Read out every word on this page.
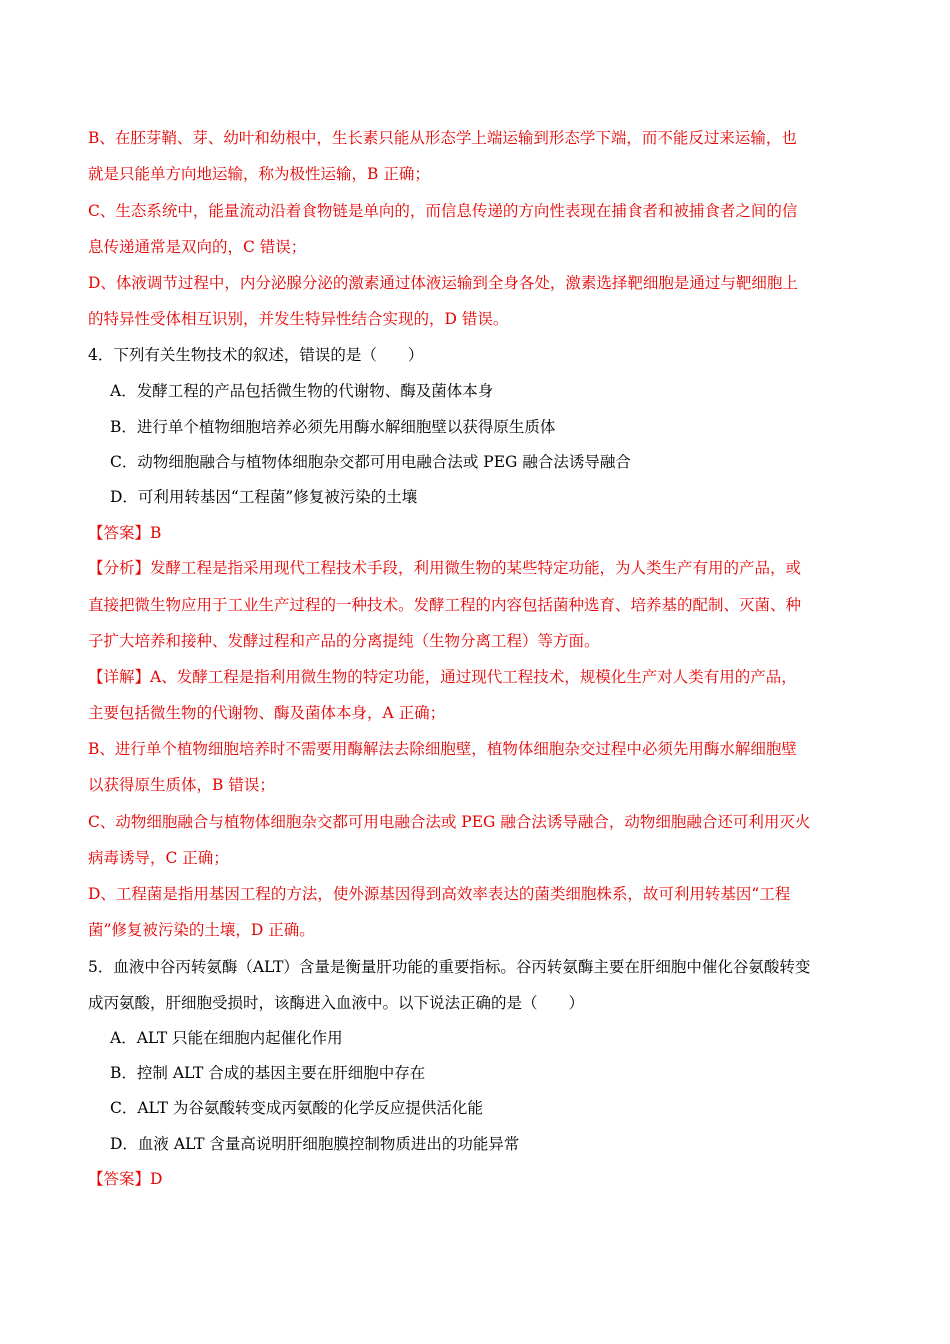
B、在胚芽鞘、芽、幼叶和幼根中，生长素只能从形态学上端运输到形态学下端，而不能反过来运输，也
就是只能单方向地运输，称为极性运输，B 正确；
C、生态系统中，能量流动沿着食物链是单向的，而信息传递的方向性表现在捕食者和被捕食者之间的信
息传递通常是双向的，C 错误；
D、体液调节过程中，内分泌腺分泌的激素通过体液运输到全身各处，激素选择靶细胞是通过与靶细胞上
的特异性受体相互识别，并发生特异性结合实现的，D 错误。
4．下列有关生物技术的叙述，错误的是（　　）
A．发酵工程的产品包括微生物的代谢物、酶及菌体本身
B．进行单个植物细胞培养必须先用酶水解细胞壁以获得原生质体
C．动物细胞融合与植物体细胞杂交都可用电融合法或 PEG 融合法诱导融合
D．可利用转基因“工程菌”修复被污染的土壤
【答案】B
【分析】发酵工程是指采用现代工程技术手段，利用微生物的某些特定功能，为人类生产有用的产品，或
直接把微生物应用于工业生产过程的一种技术。发酵工程的内容包括菌种选育、培养基的配制、灭菌、种
子扩大培养和接种、发酵过程和产品的分离提纯（生物分离工程）等方面。
【详解】A、发酵工程是指利用微生物的特定功能，通过现代工程技术，规模化生产对人类有用的产品，
主要包括微生物的代谢物、酶及菌体本身，A 正确；
B、进行单个植物细胞培养时不需要用酶解法去除细胞壁，植物体细胞杂交过程中必须先用酶水解细胞壁
以获得原生质体，B 错误；
C、动物细胞融合与植物体细胞杂交都可用电融合法或 PEG 融合法诱导融合，动物细胞融合还可利用灭火
病毒诱导，C 正确；
D、工程菌是指用基因工程的方法，使外源基因得到高效率表达的菌类细胞株系，故可利用转基因“工程
菌”修复被污染的土壤，D 正确。
5．血液中谷丙转氨酶（ALT）含量是衡量肝功能的重要指标。谷丙转氨酶主要在肝细胞中催化谷氨酸转变
成丙氨酸，肝细胞受损时，该酶进入血液中。以下说法正确的是（　　）
A．ALT 只能在细胞内起催化作用
B．控制 ALT 合成的基因主要在肝细胞中存在
C．ALT 为谷氨酸转变成丙氨酸的化学反应提供活化能
D．血液 ALT 含量高说明肝细胞膜控制物质进出的功能异常
【答案】D
